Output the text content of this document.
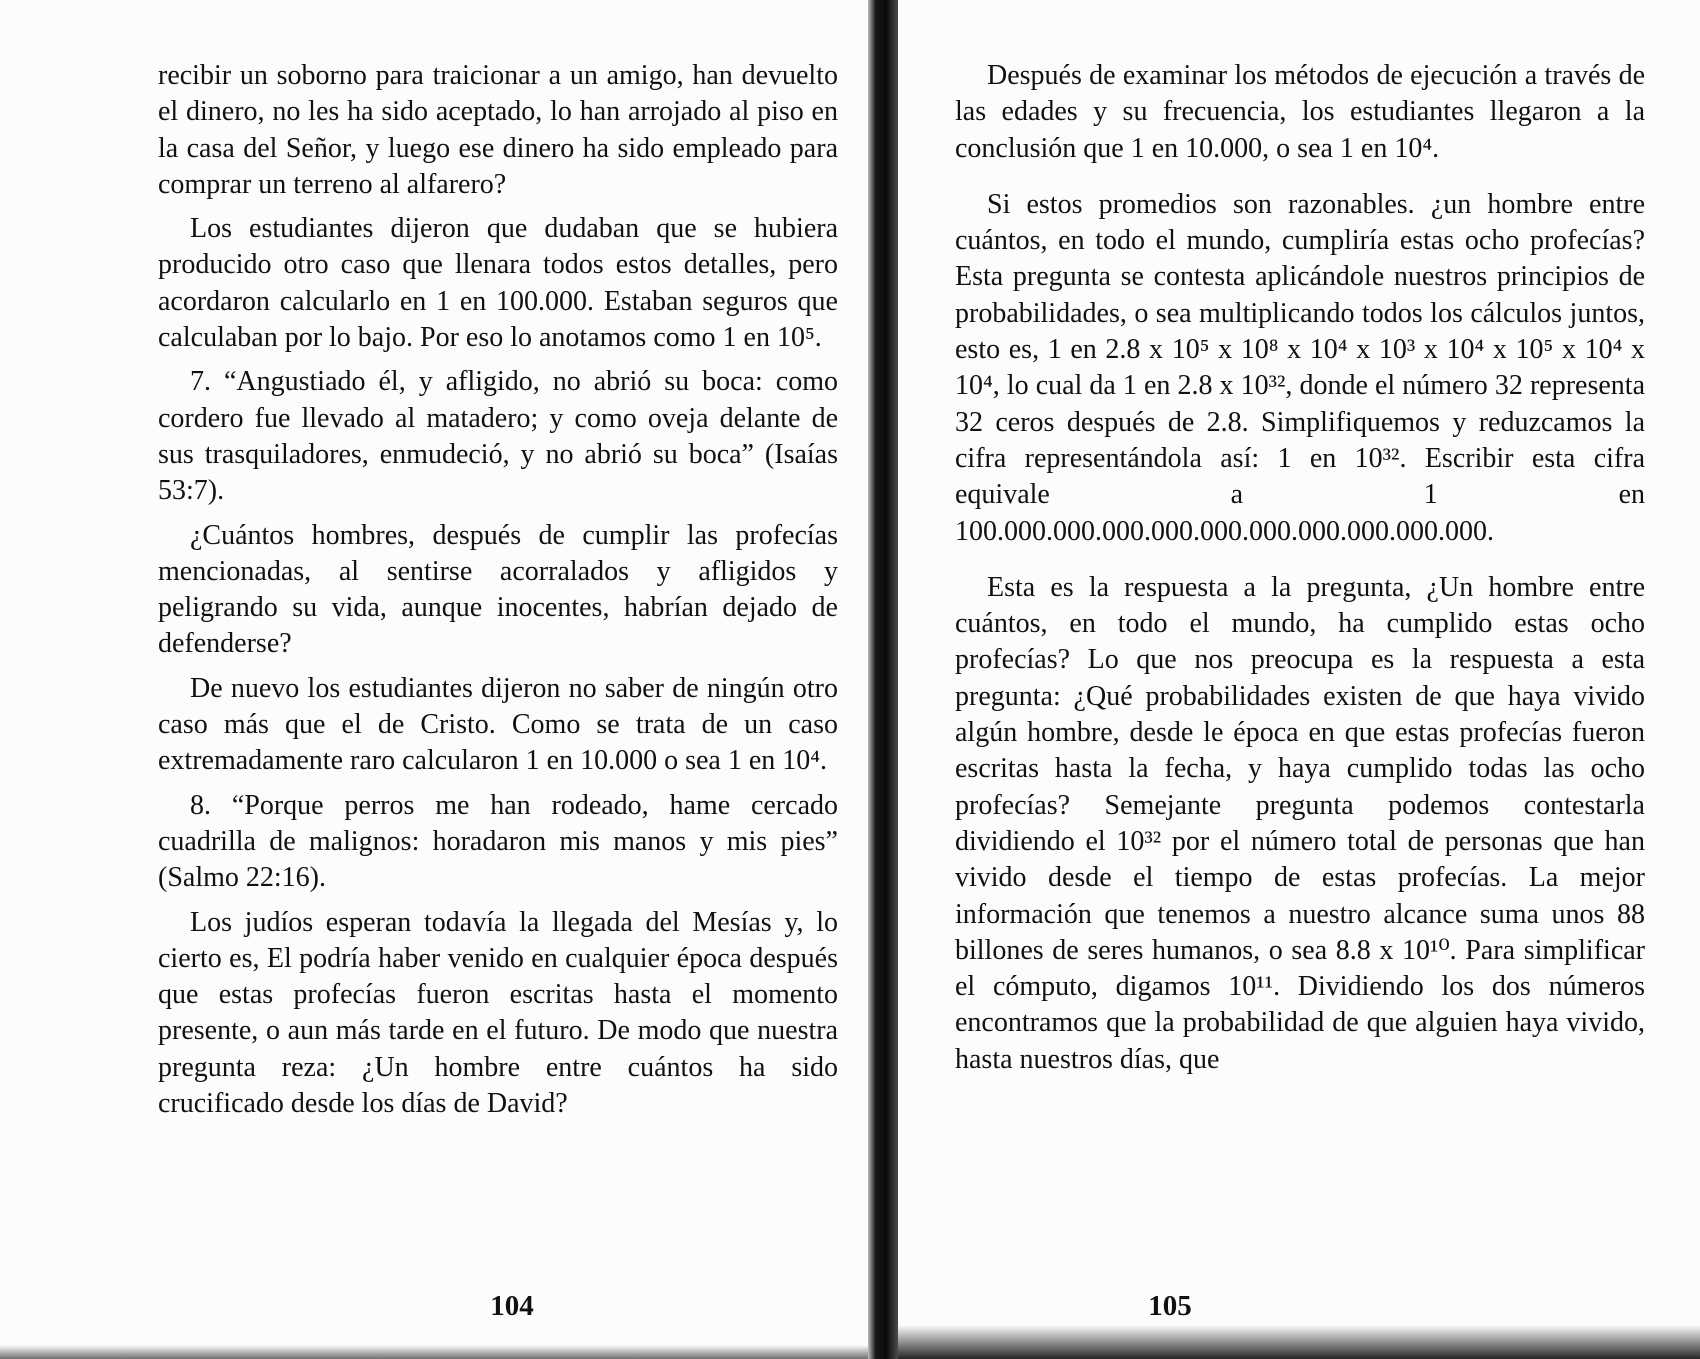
recibir un soborno para traicionar a un amigo, han devuelto el dinero, no les ha sido aceptado, lo han arrojado al piso en la casa del Señor, y luego ese dinero ha sido empleado para comprar un terreno al alfarero?

Los estudiantes dijeron que dudaban que se hubiera producido otro caso que llenara todos estos detalles, pero acordaron calcularlo en 1 en 100.000. Estaban seguros que calculaban por lo bajo. Por eso lo anotamos como 1 en 10⁵.

7. “Angustiado él, y afligido, no abrió su boca: como cordero fue llevado al matadero; y como oveja delante de sus trasquiladores, enmudeció, y no abrió su boca” (Isaías 53:7).

¿Cuántos hombres, después de cumplir las profecías mencionadas, al sentirse acorralados y afligidos y peligrando su vida, aunque inocentes, habrían dejado de defenderse?

De nuevo los estudiantes dijeron no saber de ningún otro caso más que el de Cristo. Como se trata de un caso extremadamente raro calcularon 1 en 10.000 o sea 1 en 10⁴.

8. “Porque perros me han rodeado, hame cercado cuadrilla de malignos: horadaron mis manos y mis pies” (Salmo 22:16).

Los judíos esperan todavía la llegada del Mesías y, lo cierto es, El podría haber venido en cualquier época después que estas profecías fueron escritas hasta el momento presente, o aun más tarde en el futuro. De modo que nuestra pregunta reza: ¿Un hombre entre cuántos ha sido crucificado desde los días de David?

104

Después de examinar los métodos de ejecución a través de las edades y su frecuencia, los estudiantes llegaron a la conclusión que 1 en 10.000, o sea 1 en 10⁴.

Si estos promedios son razonables. ¿un hombre entre cuántos, en todo el mundo, cumpliría estas ocho profecías? Esta pregunta se contesta aplicándole nuestros principios de probabilidades, o sea multiplicando todos los cálculos juntos, esto es, 1 en 2.8 x 10⁵ x 10⁸ x 10⁴ x 10³ x 10⁴ x 10⁵ x 10⁴ x 10⁴, lo cual da 1 en 2.8 x 10³², donde el número 32 representa 32 ceros después de 2.8. Simplifiquemos y reduzcamos la cifra representándola así: 1 en 10³². Escribir esta cifra equivale a 1 en 100.000.000.000.000.000.000.000.000.000.000.

Esta es la respuesta a la pregunta, ¿Un hombre entre cuántos, en todo el mundo, ha cumplido estas ocho profecías? Lo que nos preocupa es la respuesta a esta pregunta: ¿Qué probabilidades existen de que haya vivido algún hombre, desde le época en que estas profecías fueron escritas hasta la fecha, y haya cumplido todas las ocho profecías? Semejante pregunta podemos contestarla dividiendo el 10³² por el número total de personas que han vivido desde el tiempo de estas profecías. La mejor información que tenemos a nuestro alcance suma unos 88 billones de seres humanos, o sea 8.8 x 10¹⁰. Para simplificar el cómputo, digamos 10¹¹. Dividiendo los dos números encontramos que la probabilidad de que alguien haya vivido, hasta nuestros días, que

105
